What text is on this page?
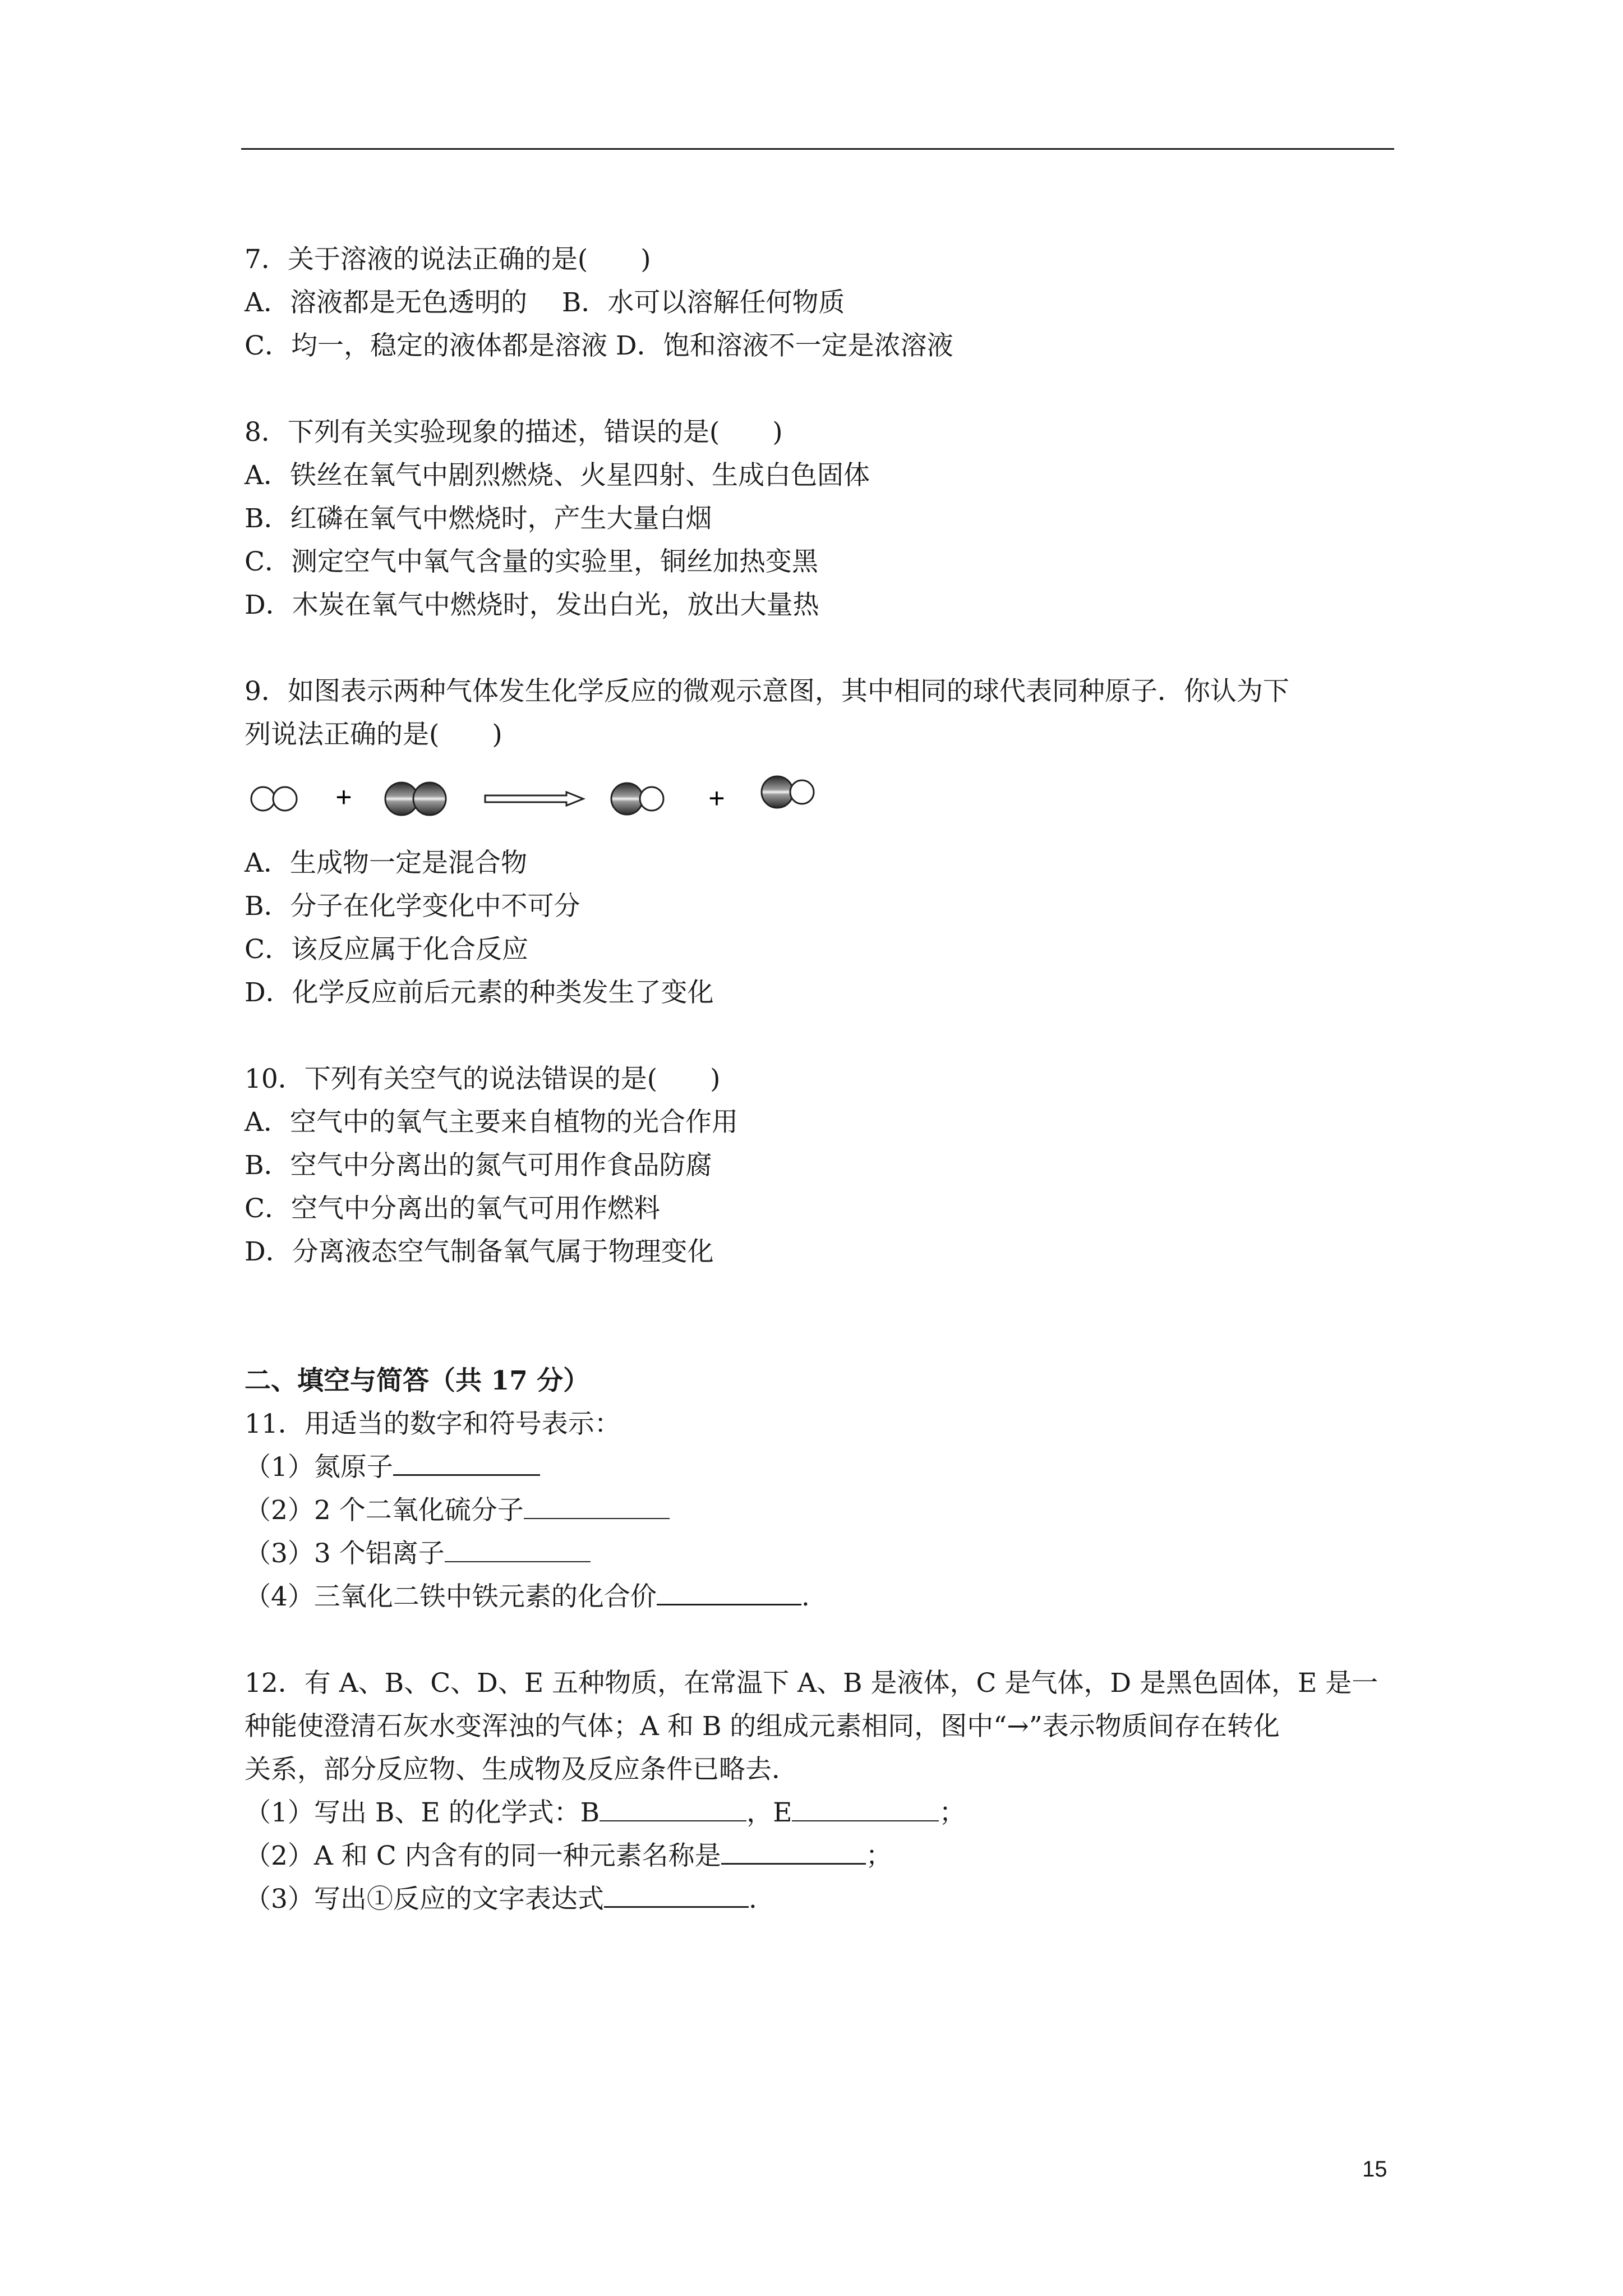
7．关于溶液的说法正确的是(　　)
A．溶液都是无色透明的　 B．水可以溶解任何物质
C．均一，稳定的液体都是溶液 D．饱和溶液不一定是浓溶液
8．下列有关实验现象的描述，错误的是(　　)
A．铁丝在氧气中剧烈燃烧、火星四射、生成白色固体
B．红磷在氧气中燃烧时，产生大量白烟
C．测定空气中氧气含量的实验里，铜丝加热变黑
D．木炭在氧气中燃烧时，发出白光，放出大量热
9．如图表示两种气体发生化学反应的微观示意图，其中相同的球代表同种原子．你认为下
列说法正确的是(　　)
+	+
A．生成物一定是混合物
B．分子在化学变化中不可分
C．该反应属于化合反应
D．化学反应前后元素的种类发生了变化
10．下列有关空气的说法错误的是(　　)
A．空气中的氧气主要来自植物的光合作用
B．空气中分离出的氮气可用作食品防腐
C．空气中分离出的氧气可用作燃料
D．分离液态空气制备氧气属于物理变化
二、填空与简答（共 17 分）
11．用适当的数字和符号表示：
（1）氮原子
（2）2 个二氧化硫分子
（3）3 个铝离子
（4）三氧化二铁中铁元素的化合价	.
12．有 A、B、C、D、E 五种物质，在常温下 A、B 是液体，C 是气体，D 是黑色固体，E 是一
种能使澄清石灰水变浑浊的气体；A 和 B 的组成元素相同，图中“→”表示物质间存在转化
关系，部分反应物、生成物及反应条件已略去．
（1）写出 B、E 的化学式：B	，E	；
（2）A 和 C 内含有的同一种元素名称是	；
（3）写出①反应的文字表达式	.
15
